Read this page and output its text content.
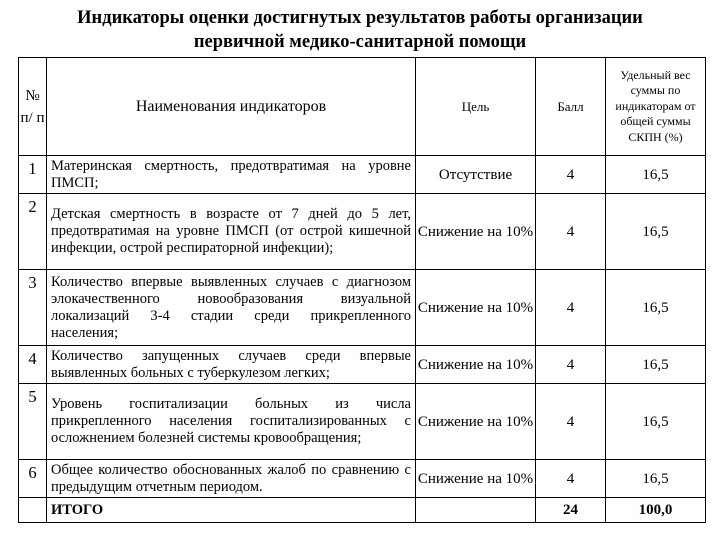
Индикаторы оценки достигнутых результатов работы организации
первичной медико-санитарной помощи
№ п/ п	Наименования индикаторов	Цель	Балл	Удельный вес суммы по индикаторам от общей суммы СКПН (%)

1	Материнская смертность, предотвратимая на уровне ПМСП;	Отсутствие	4	16,5

2	Детская смертность в возрасте от 7 дней до 5 лет, предотвратимая на уровне ПМСП (от острой кишечной инфекции, острой респираторной инфекции);	Снижение на 10%	4	16,5

3	Количество впервые выявленных случаев с диагнозом элокачественного новообразования визуальной локализаций 3-4 стадии среди прикрепленного населения;	Снижение на 10%	4	16,5

4	Количество запущенных случаев среди впервые выявленных больных с туберкулезом легких;	Снижение на 10%	4	16,5

5	Уровень госпитализации больных из числа прикрепленного населения госпитализированных с осложнением болезней системы кровообращения;	Снижение на 10%	4	16,5

6	Общее количество обоснованных жалоб по сравнению с предыдущим отчетным периодом.	Снижение на 10%	4	16,5
	ИТОГО		24	100,0
